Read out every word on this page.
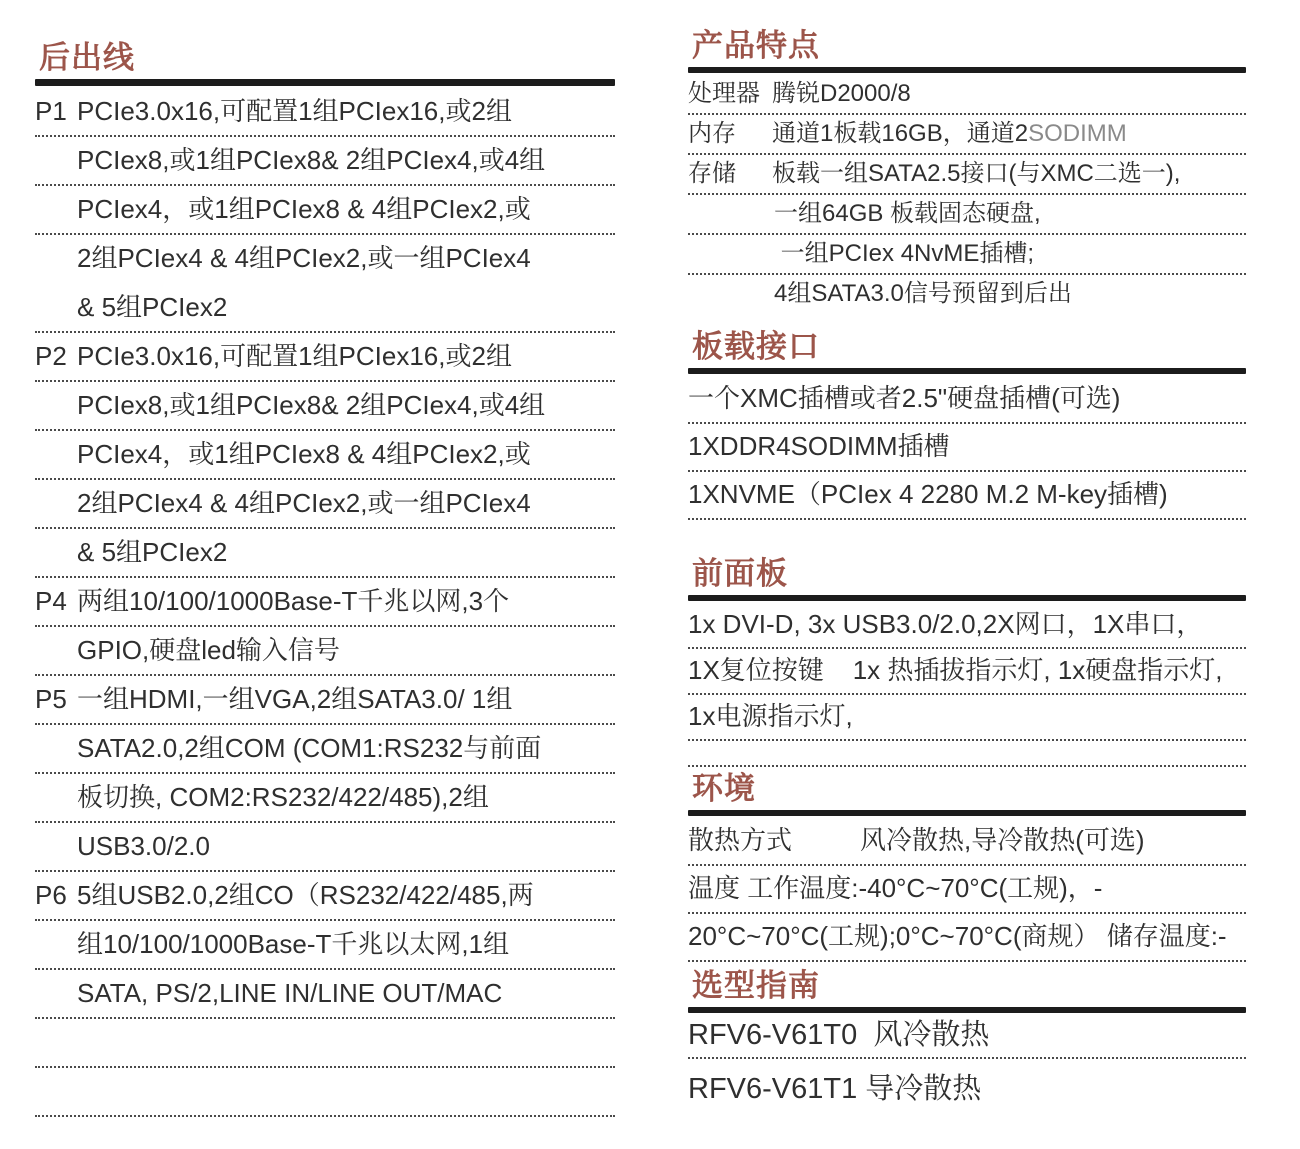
后出线
P1 PCIe3.0x16,可配置1组PCIex16,或2组
PCIex8,或1组PCIex8& 2组PCIex4,或4组
PCIex4，或1组PCIex8 & 4组PCIex2,或
2组PCIex4 & 4组PCIex2,或一组PCIex4
& 5组PCIex2
P2 PCIe3.0x16,可配置1组PCIex16,或2组
PCIex8,或1组PCIex8& 2组PCIex4,或4组
PCIex4，或1组PCIex8 & 4组PCIex2,或
2组PCIex4 & 4组PCIex2,或一组PCIex4
& 5组PCIex2
P4 两组10/100/1000Base-T千兆以网,3个
GPIO,硬盘led输入信号
P5 一组HDMI,一组VGA,2组SATA3.0/ 1组
SATA2.0,2组COM (COM1:RS232与前面
板切换, COM2:RS232/422/485),2组
USB3.0/2.0
P6 5组USB2.0,2组CO（RS232/422/485,两
组10/100/1000Base-T千兆以太网,1组
SATA, PS/2,LINE IN/LINE OUT/MAC
产品特点
处理器 腾锐D2000/8
内存	通道1板载16GB，通道2 SODIMM
存储	板载一组SATA2.5接口(与XMC二选一),
一组64GB 板载固态硬盘,
一组PCIex 4NvME插槽;
4组SATA3.0信号预留到后出
板载接口
一个XMC插槽或者2.5"硬盘插槽(可选)
1XDDR4SODIMM插槽
1XNVME（PCIex 4 2280 M.2 M-key插槽)
前面板
1x DVI-D, 3x USB3.0/2.0,2X网口，1X串口，
1X复位按键    1x 热插拔指示灯, 1x硬盘指示灯,
1x电源指示灯,
环境
散热方式	风冷散热,导冷散热(可选)
温度 工作温度:-40°C~70°C(工规)，-
20°C~70°C(工规);0°C~70°C(商规） 储存温度:-
选型指南
RFV6-V61T0  风冷散热
RFV6-V61T1 导冷散热
